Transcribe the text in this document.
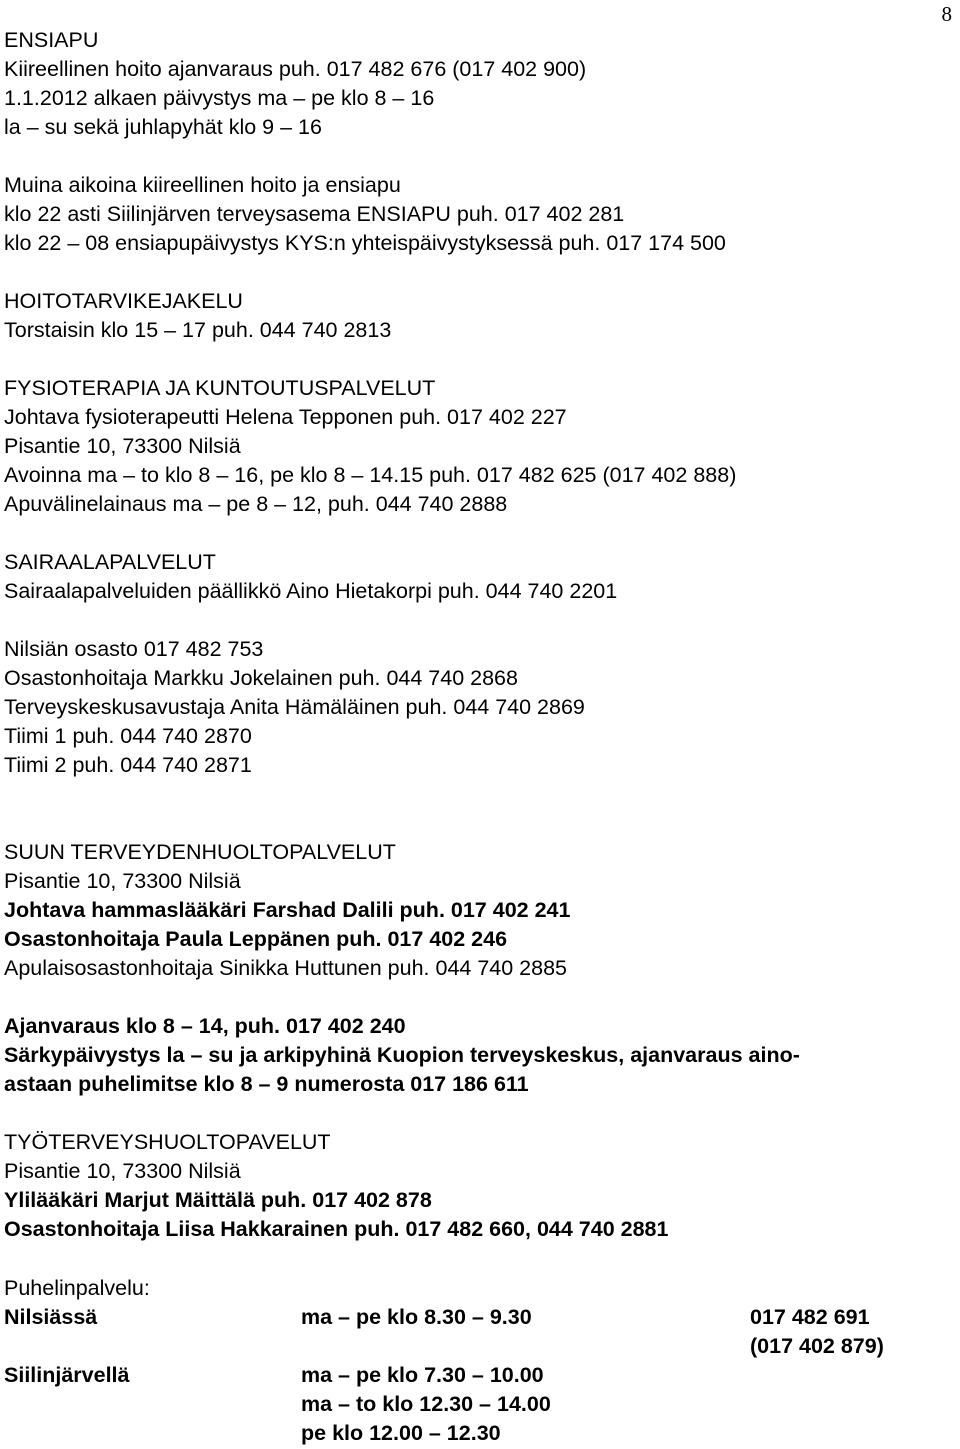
8
ENSIAPU
Kiireellinen hoito ajanvaraus puh. 017 482 676 (017 402 900)
1.1.2012 alkaen päivystys ma – pe klo 8 – 16
la – su sekä juhlapyhät klo 9 – 16
Muina aikoina kiireellinen hoito ja ensiapu
klo 22 asti Siilinjärven terveysasema ENSIAPU puh. 017 402 281
klo 22 – 08 ensiapupäivystys KYS:n yhteispäivystyksessä puh. 017 174 500
HOITOTARVIKEJAKELU
Torstaisin klo 15 – 17 puh. 044 740 2813
FYSIOTERAPIA JA KUNTOUTUSPALVELUT
Johtava fysioterapeutti Helena Tepponen puh. 017 402 227
Pisantie 10, 73300 Nilsiä
Avoinna ma – to klo 8 – 16, pe klo 8 – 14.15 puh. 017 482 625 (017 402 888)
Apuvälinelainaus ma – pe 8 – 12, puh. 044 740 2888
SAIRAALAPALVELUT
Sairaalapalveluiden päällikkö Aino Hietakorpi puh. 044 740 2201
Nilsiän osasto 017 482 753
Osastonhoitaja Markku Jokelainen puh. 044 740 2868
Terveyskeskusavustaja Anita Hämäläinen puh. 044 740 2869
Tiimi 1 puh. 044 740 2870
Tiimi 2 puh. 044 740 2871
SUUN TERVEYDENHUOLTOPALVELUT
Pisantie 10, 73300 Nilsiä
Johtava hammaslääkäri Farshad Dalili puh. 017 402 241
Osastonhoitaja Paula Leppänen puh. 017 402 246
Apulaisosastonhoitaja Sinikka Huttunen puh. 044 740 2885
Ajanvaraus klo 8 – 14, puh. 017 402 240
Särkypäivystys la – su ja arkipyhinä Kuopion terveyskeskus, ajanvaraus aino-
astaan puhelimitse klo 8 – 9 numerosta 017 186 611
TYÖTERVEYSHUOLTOPAVELUT
Pisantie 10, 73300 Nilsiä
Ylilääkäri Marjut Mäittälä puh. 017 402 878
Osastonhoitaja Liisa Hakkarainen puh. 017 482 660, 044 740 2881
Puhelinpalvelu:
Nilsiässä	ma – pe klo 8.30 – 9.30	017 482 691
(017 402 879)
Siilinjärvellä	ma – pe klo 7.30 – 10.00
ma – to klo 12.30 – 14.00
pe klo 12.00 – 12.30
